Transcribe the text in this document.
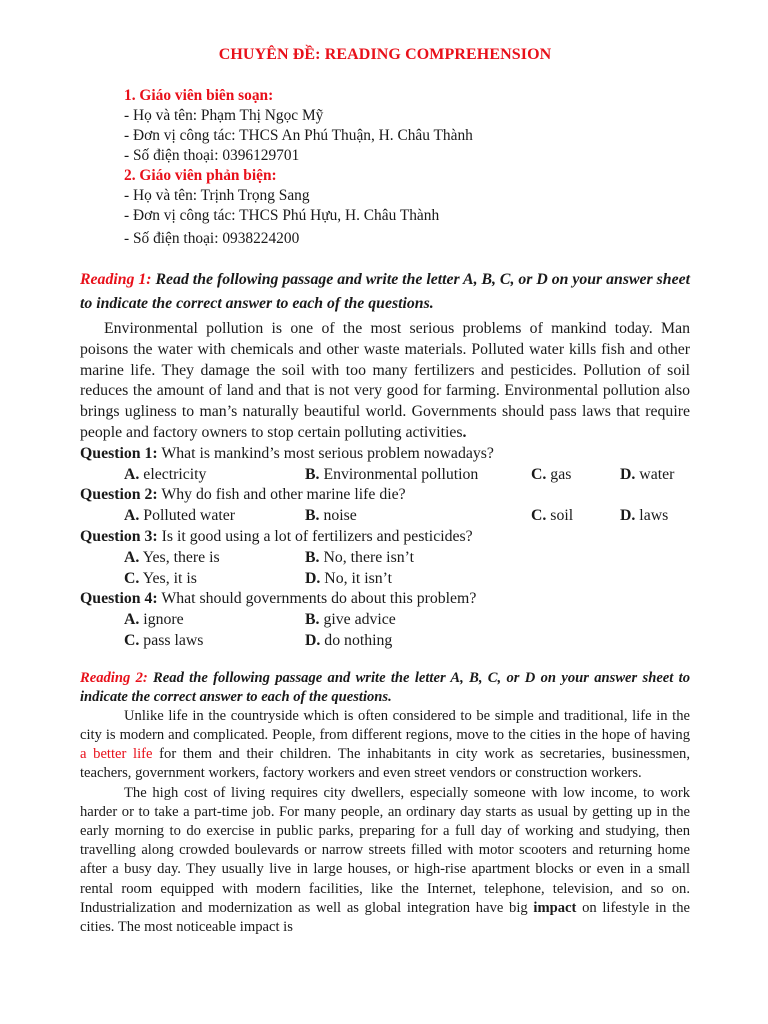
CHUYÊN ĐỀ: READING COMPREHENSION
1. Giáo viên biên soạn:
- Họ và tên: Phạm Thị Ngọc Mỹ
- Đơn vị công tác: THCS An Phú Thuận, H. Châu Thành
- Số điện thoại: 0396129701
2. Giáo viên phản biện:
- Họ và tên: Trịnh Trọng Sang
- Đơn vị công tác: THCS Phú Hựu, H. Châu Thành
- Số điện thoại: 0938224200

Reading 1: Read the following passage and write the letter A, B, C, or D on your answer sheet to indicate the correct answer to each of the questions.

Environmental pollution is one of the most serious problems of mankind today. Man poisons the water with chemicals and other waste materials. Polluted water kills fish and other marine life. They damage the soil with too many fertilizers and pesticides. Pollution of soil reduces the amount of land and that is not very good for farming. Environmental pollution also brings ugliness to man’s naturally beautiful world. Governments should pass laws that require people and factory owners to stop certain polluting activities.

Question 1: What is mankind’s most serious problem nowadays?
A. electricity	B. Environmental pollution	C. gas	D. water
Question 2: Why do fish and other marine life die?
A. Polluted water	B. noise	C. soil	D. laws
Question 3: Is it good using a lot of fertilizers and pesticides?
A. Yes, there is	B. No, there isn’t
C. Yes, it is	D. No, it isn’t
Question 4: What should governments do about this problem?
A. ignore	B. give advice
C. pass laws	D. do nothing

Reading 2: Read the following passage and write the letter A, B, C, or D on your answer sheet to indicate the correct answer to each of the questions.

Unlike life in the countryside which is often considered to be simple and traditional, life in the city is modern and complicated. People, from different regions, move to the cities in the hope of having a better life for them and their children. The inhabitants in city work as secretaries, businessmen, teachers, government workers, factory workers and even street vendors or construction workers.

The high cost of living requires city dwellers, especially someone with low income, to work harder or to take a part-time job. For many people, an ordinary day starts as usual by getting up in the early morning to do exercise in public parks, preparing for a full day of working and studying, then travelling along crowded boulevards or narrow streets filled with motor scooters and returning home after a busy day. They usually live in large houses, or high-rise apartment blocks or even in a small rental room equipped with modern facilities, like the Internet, telephone, television, and so on. Industrialization and modernization as well as global integration have big impact on lifestyle in the cities. The most noticeable impact is
